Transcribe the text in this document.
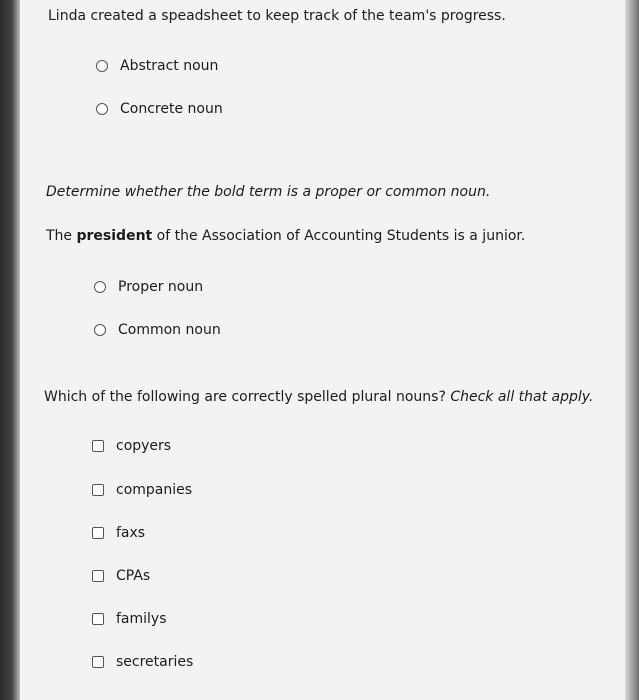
Linda created a speadsheet to keep track of the team's progress.
Abstract noun
Concrete noun
Determine whether the bold term is a proper or common noun.
The president of the Association of Accounting Students is a junior.
Proper noun
Common noun
Which of the following are correctly spelled plural nouns? Check all that apply.
copyers
companies
faxs
CPAs
familys
secretaries
